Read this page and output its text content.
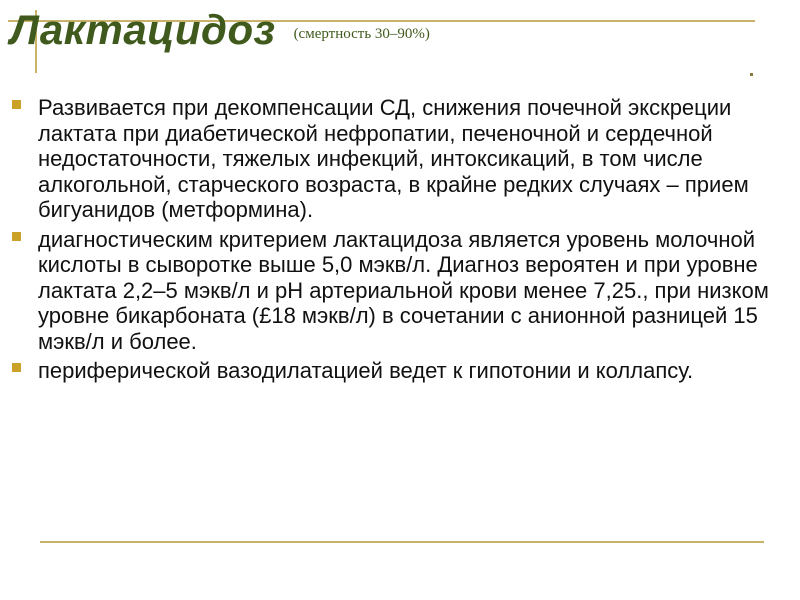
Лактацидоз (смертность 30–90%)
Развивается при декомпенсации СД, снижения почечной экскреции лактата при диабетической нефропатии, печеночной и сердечной недостаточности, тяжелых инфекций, интоксикаций, в том числе алкогольной, старческого возраста, в крайне редких случаях – прием бигуанидов (метформина).
диагностическим критерием лактацидоза является уровень молочной кислоты в сыворотке выше 5,0 мэкв/л. Диагноз вероятен и при уровне лактата 2,2–5 мэкв/л и pH артериальной крови менее 7,25., при низком уровне бикарбоната (£18 мэкв/л) в сочетании с анионной разницей 15 мэкв/л и более.
периферической вазодилатацией ведет к гипотонии и коллапсу.
